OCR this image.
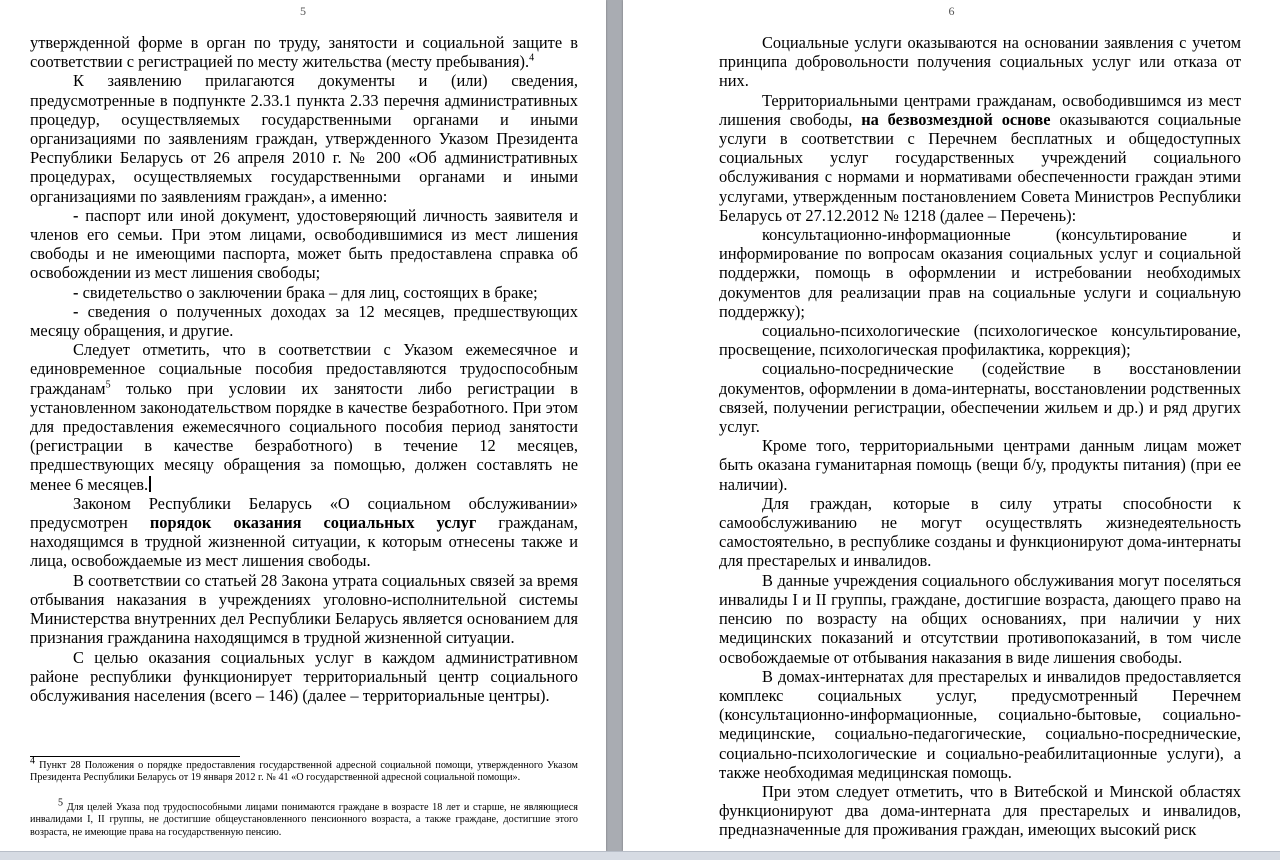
5

утвержденной форме в орган по труду, занятости и социальной защите в соответствии с регистрацией по месту жительства (месту пребывания).$^4$

К заявлению прилагаются документы и (или) сведения, предусмотренные в подпункте 2.33.1 пункта 2.33 перечня административных процедур, осуществляемых государственными органами и иными организациями по заявлениям граждан, утвержденного Указом Президента Республики Беларусь от 26 апреля 2010 г. № 200 «Об административных процедурах, осуществляемых государственными органами и иными организациями по заявлениям граждан», а именно:

- паспорт или иной документ, удостоверяющий личность заявителя и членов его семьи. При этом лицами, освободившимися из мест лишения свободы и не имеющими паспорта, может быть предоставлена справка об освобождении из мест лишения свободы;

- свидетельство о заключении брака – для лиц, состоящих в браке;

- сведения о полученных доходах за 12 месяцев, предшествующих месяцу обращения, и другие.

Следует отметить, что в соответствии с Указом ежемесячное и единовременное социальные пособия предоставляются трудоспособным гражданам$^5$ только при условии их занятости либо регистрации в установленном законодательством порядке в качестве безработного. При этом для предоставления ежемесячного социального пособия период занятости (регистрации в качестве безработного) в течение 12 месяцев, предшествующих месяцу обращения за помощью, должен составлять не менее 6 месяцев.

Законом Республики Беларусь «О социальном обслуживании» предусмотрен порядок оказания социальных услуг гражданам, находящимся в трудной жизненной ситуации, к которым отнесены также и лица, освобождаемые из мест лишения свободы.

В соответствии со статьей 28 Закона утрата социальных связей за время отбывания наказания в учреждениях уголовно-исполнительной системы Министерства внутренних дел Республики Беларусь является основанием для признания гражданина находящимся в трудной жизненной ситуации.

С целью оказания социальных услуг в каждом административном районе республики функционирует территориальный центр социального обслуживания населения (всего – 146) (далее – территориальные центры).

4 Пункт 28 Положения о порядке предоставления государственной адресной социальной помощи, утвержденного Указом Президента Республики Беларусь от 19 января 2012 г. № 41 «О государственной адресной социальной помощи».
5 Для целей Указа под трудоспособными лицами понимаются граждане в возрасте 18 лет и старше, не являющиеся инвалидами I, II группы, не достигшие общеустановленного пенсионного возраста, а также граждане, достигшие этого возраста, не имеющие права на государственную пенсию.
6

Социальные услуги оказываются на основании заявления с учетом принципа добровольности получения социальных услуг или отказа от них.

Территориальными центрами гражданам, освободившимся из мест лишения свободы, на безвозмездной основе оказываются социальные услуги в соответствии с Перечнем бесплатных и общедоступных социальных услуг государственных учреждений социального обслуживания с нормами и нормативами обеспеченности граждан этими услугами, утвержденным постановлением Совета Министров Республики Беларусь от 27.12.2012 № 1218 (далее – Перечень):

консультационно-информационные (консультирование и информирование по вопросам оказания социальных услуг и социальной поддержки, помощь в оформлении и истребовании необходимых документов для реализации прав на социальные услуги и социальную поддержку);

социально-психологические (психологическое консультирование, просвещение, психологическая профилактика, коррекция);

социально-посреднические (содействие в восстановлении документов, оформлении в дома-интернаты, восстановлении родственных связей, получении регистрации, обеспечении жильем и др.) и ряд других услуг.

Кроме того, территориальными центрами данным лицам может быть оказана гуманитарная помощь (вещи б/у, продукты питания) (при ее наличии).

Для граждан, которые в силу утраты способности к самообслуживанию не могут осуществлять жизнедеятельность самостоятельно, в республике созданы и функционируют дома-интернаты для престарелых и инвалидов.

В данные учреждения социального обслуживания могут поселяться инвалиды I и II группы, граждане, достигшие возраста, дающего право на пенсию по возрасту на общих основаниях, при наличии у них медицинских показаний и отсутствии противопоказаний, в том числе освобождаемые от отбывания наказания в виде лишения свободы.

В домах-интернатах для престарелых и инвалидов предоставляется комплекс социальных услуг, предусмотренный Перечнем (консультационно-информационные, социально-бытовые, социально-медицинские, социально-педагогические, социально-посреднические, социально-психологические и социально-реабилитационные услуги), а также необходимая медицинская помощь.

При этом следует отметить, что в Витебской и Минской областях функционируют два дома-интерната для престарелых и инвалидов, предназначенные для проживания граждан, имеющих высокий риск
